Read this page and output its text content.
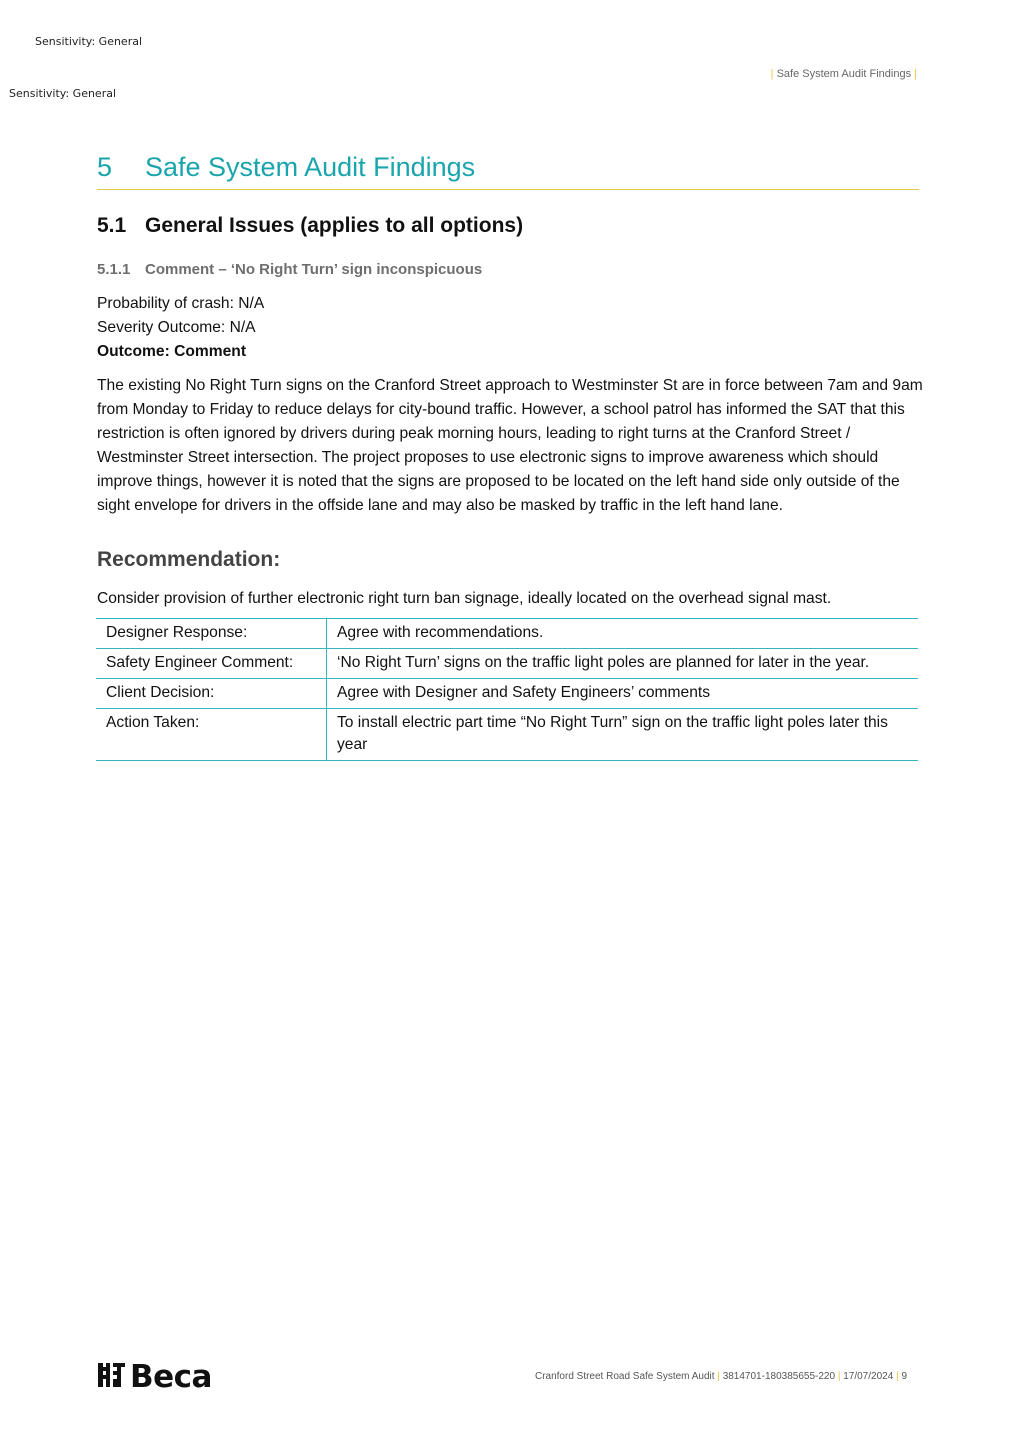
Sensitivity: General
Sensitivity: General
| Safe System Audit Findings |
5 Safe System Audit Findings
5.1 General Issues (applies to all options)
5.1.1 Comment – ‘No Right Turn’ sign inconspicuous
Probability of crash: N/A
Severity Outcome: N/A
Outcome: Comment
The existing No Right Turn signs on the Cranford Street approach to Westminster St are in force between 7am and 9am from Monday to Friday to reduce delays for city-bound traffic. However, a school patrol has informed the SAT that this restriction is often ignored by drivers during peak morning hours, leading to right turns at the Cranford Street / Westminster Street intersection. The project proposes to use electronic signs to improve awareness which should improve things, however it is noted that the signs are proposed to be located on the left hand side only outside of the sight envelope for drivers in the offside lane and may also be masked by traffic in the left hand lane.
Recommendation:
Consider provision of further electronic right turn ban signage, ideally located on the overhead signal mast.
Designer Response:	Agree with recommendations.
Safety Engineer Comment:	‘No Right Turn’ signs on the traffic light poles are planned for later in the year.
Client Decision:	Agree with Designer and Safety Engineers’ comments
Action Taken:	To install electric part time “No Right Turn” sign on the traffic light poles later this year
Beca	Cranford Street Road Safe System Audit | 3814701-180385655-220 | 17/07/2024 | 9
